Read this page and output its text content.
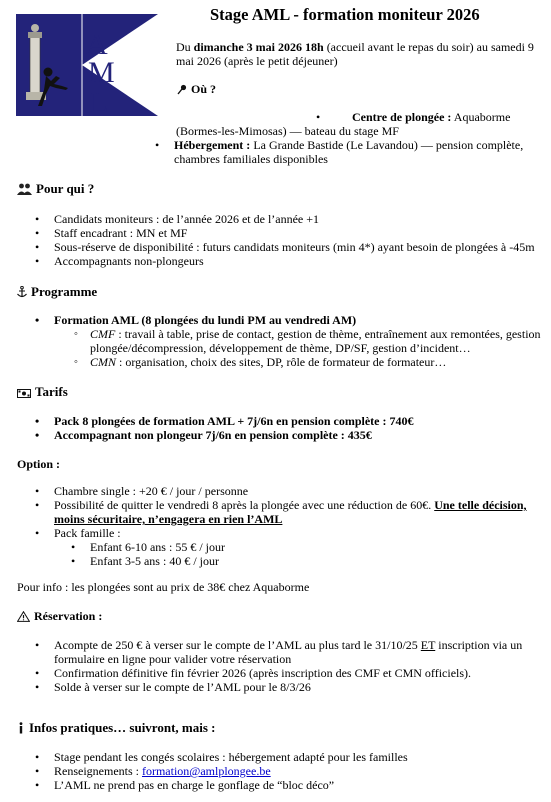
A
M
L
Stage AML - formation moniteur 2026
Du dimanche 3 mai 2026 18h (accueil avant le repas du soir) au samedi 9 mai 2026 (après le petit déjeuner)
Où ?
•	Centre de plongée : Aquaborme (Bormes-les-Mimosas) — bateau du stage MF
• Hébergement : La Grande Bastide (Le Lavandou) — pension complète, chambres familiales disponibles
Pour qui ?
• Candidats moniteurs : de l’année 2026 et de l’année +1
• Staff encadrant : MN et MF
• Sous-réserve de disponibilité : futurs candidats moniteurs (min 4*) ayant besoin de plongées à -45m
• Accompagnants non-plongeurs
Programme
• Formation AML (8 plongées du lundi PM au vendredi AM)
◦ CMF : travail à table, prise de contact, gestion de thème, entraînement aux remontées, gestion plongée/décompression, développement de thème, DP/SF, gestion d’incident…
◦ CMN : organisation, choix des sites, DP, rôle de formateur de formateur…
Tarifs
• Pack 8 plongées de formation AML + 7j/6n en pension complète : 740€
• Accompagnant non plongeur 7j/6n en pension complète : 435€
Option :
• Chambre single : +20 € / jour / personne
• Possibilité de quitter le vendredi 8 après la plongée avec une réduction de 60€. Une telle décision, moins sécuritaire, n’engagera en rien l’AML
• Pack famille :
• Enfant 6-10 ans : 55 € / jour
• Enfant 3-5 ans : 40 € / jour
Pour info : les plongées sont au prix de 38€ chez Aquaborme
Réservation :
• Acompte de 250 € à verser sur le compte de l’AML au plus tard le 31/10/25 ET inscription via un formulaire en ligne pour valider votre réservation
• Confirmation définitive fin février 2026 (après inscription des CMF et CMN officiels).
• Solde à verser sur le compte de l’AML pour le 8/3/26
Infos pratiques… suivront, mais :
• Stage pendant les congés scolaires : hébergement adapté pour les familles
• Renseignements : formation@amlplongee.be
• L’AML ne prend pas en charge le gonflage de “bloc déco”
